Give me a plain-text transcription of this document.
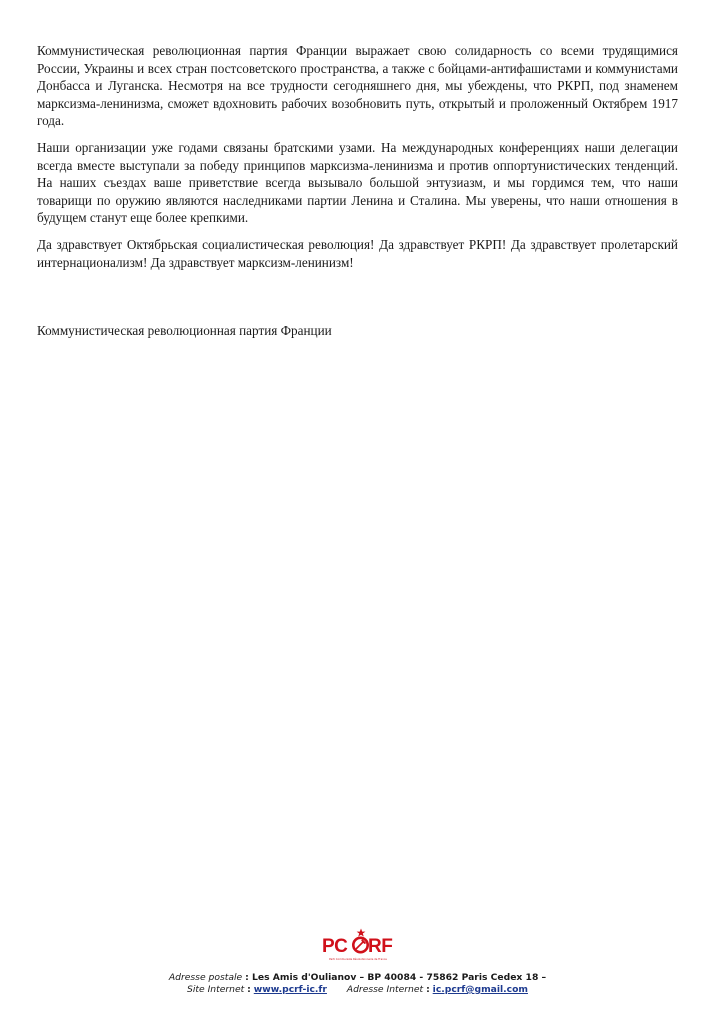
Коммунистическая революционная партия Франции выражает свою солидарность со всеми трудящимися России, Украины и всех стран постсоветского пространства, а также с бойцами-антифашистами и коммунистами Донбасса и Луганска. Несмотря на все трудности сегодняшнего дня, мы убеждены, что РКРП, под знаменем марксизма-ленинизма, сможет вдохновить рабочих возобновить путь, открытый и проложенный Октябрем 1917 года.

Наши организации уже годами связаны братскими узами. На международных конференциях наши делегации всегда вместе выступали за победу принципов марксизма-ленинизма и против оппортунистических тенденций. На наших съездах ваше приветствие всегда вызывало большой энтузиазм, и мы гордимся тем, что наши товарищи по оружию являются наследниками партии Ленина и Сталина. Мы уверены, что наши отношения в будущем станут еще более крепкими.

Да здравствует Октябрьская социалистическая революция! Да здравствует РКРП! Да здравствует пролетарский интернационализм! Да здравствует марксизм-ленинизм!

Коммунистическая революционная партия Франции

PC RF
Parti Communiste Révolutionnaire de France

Adresse postale : Les Amis d'Oulianov – BP 40084 - 75862 Paris Cedex 18 –

Site Internet : www.pcrf-ic.fr Adresse Internet : ic.pcrf@gmail.com
